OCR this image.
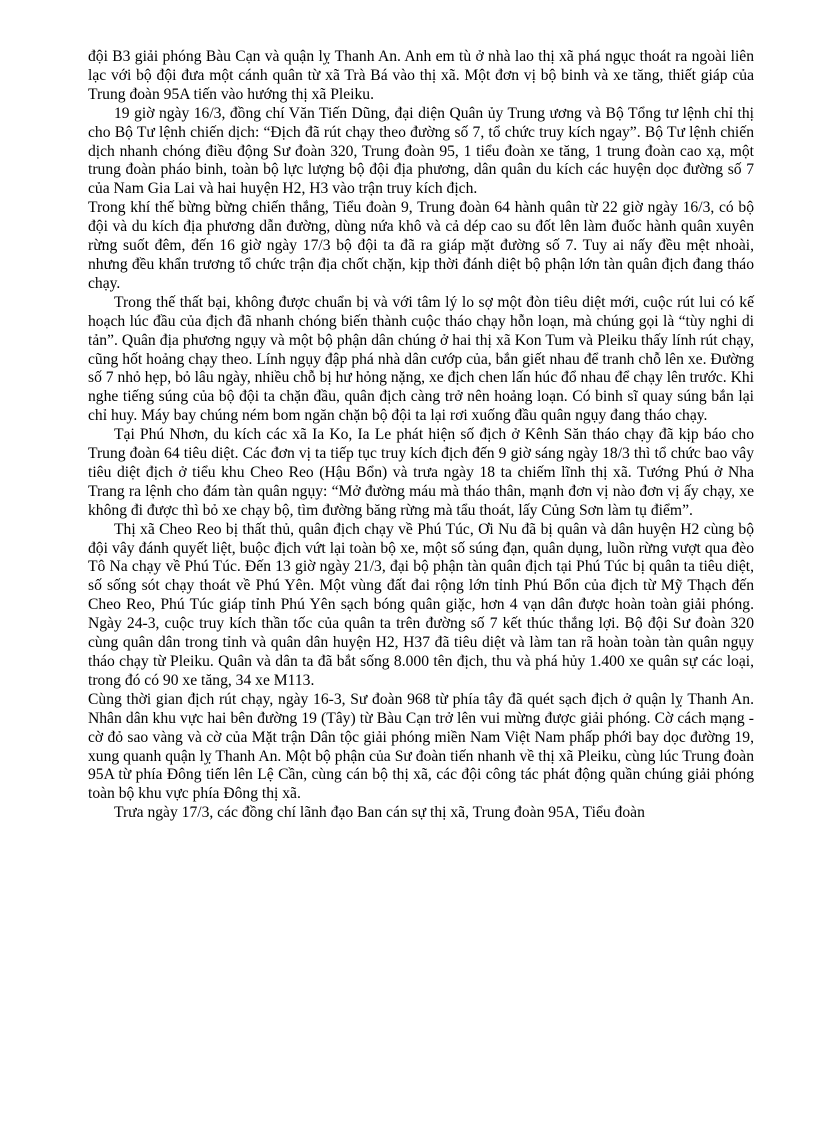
đội B3 giải phóng Bàu Cạn và quận lỵ Thanh An. Anh em tù ở nhà lao thị xã phá ngục thoát ra ngoài liên lạc với bộ đội đưa một cánh quân từ xã Trà Bá vào thị xã. Một đơn vị bộ binh và xe tăng, thiết giáp của Trung đoàn 95A tiến vào hướng thị xã Pleiku.

19 giờ ngày 16/3, đồng chí Văn Tiến Dũng, đại diện Quân ủy Trung ương và Bộ Tổng tư lệnh chỉ thị cho Bộ Tư lệnh chiến dịch: “Địch đã rút chạy theo đường số 7, tổ chức truy kích ngay”. Bộ Tư lệnh chiến dịch nhanh chóng điều động Sư đoàn 320, Trung đoàn 95, 1 tiểu đoàn xe tăng, 1 trung đoàn cao xạ, một trung đoàn pháo binh, toàn bộ lực lượng bộ đội địa phương, dân quân du kích các huyện dọc đường số 7 của Nam Gia Lai và hai huyện H2, H3 vào trận truy kích địch.

Trong khí thế bừng bừng chiến thắng, Tiểu đoàn 9, Trung đoàn 64 hành quân từ 22 giờ ngày 16/3, có bộ đội và du kích địa phương dẫn đường, dùng nứa khô và cả dép cao su đốt lên làm đuốc hành quân xuyên rừng suốt đêm, đến 16 giờ ngày 17/3 bộ đội ta đã ra giáp mặt đường số 7. Tuy ai nấy đều mệt nhoài, nhưng đều khẩn trương tổ chức trận địa chốt chặn, kịp thời đánh diệt bộ phận lớn tàn quân địch đang tháo chạy.

Trong thế thất bại, không được chuẩn bị và với tâm lý lo sợ một đòn tiêu diệt mới, cuộc rút lui có kế hoạch lúc đầu của địch đã nhanh chóng biến thành cuộc tháo chạy hỗn loạn, mà chúng gọi là “tùy nghi di tản”. Quân địa phương ngụy và một bộ phận dân chúng ở hai thị xã Kon Tum và Pleiku thấy lính rút chạy, cũng hốt hoảng chạy theo. Lính ngụy đập phá nhà dân cướp của, bắn giết nhau để tranh chỗ lên xe. Đường số 7 nhỏ hẹp, bỏ lâu ngày, nhiều chỗ bị hư hỏng nặng, xe địch chen lấn húc đổ nhau để chạy lên trước. Khi nghe tiếng súng của bộ đội ta chặn đầu, quân địch càng trở nên hoảng loạn. Có binh sĩ quay súng bắn lại chỉ huy. Máy bay chúng ném bom ngăn chặn bộ đội ta lại rơi xuống đầu quân ngụy đang tháo chạy.

Tại Phú Nhơn, du kích các xã Ia Ko, Ia Le phát hiện số địch ở Kênh Săn tháo chạy đã kịp báo cho Trung đoàn 64 tiêu diệt. Các đơn vị ta tiếp tục truy kích địch đến 9 giờ sáng ngày 18/3 thì tổ chức bao vây tiêu diệt địch ở tiểu khu Cheo Reo (Hậu Bổn) và trưa ngày 18 ta chiếm lĩnh thị xã. Tướng Phú ở Nha Trang ra lệnh cho đám tàn quân ngụy: “Mở đường máu mà tháo thân, mạnh đơn vị nào đơn vị ấy chạy, xe không đi được thì bỏ xe chạy bộ, tìm đường băng rừng mà tẩu thoát, lấy Củng Sơn làm tụ điểm”.

Thị xã Cheo Reo bị thất thủ, quân địch chạy về Phú Túc, Ơi Nu đã bị quân và dân huyện H2 cùng bộ đội vây đánh quyết liệt, buộc địch vứt lại toàn bộ xe, một số súng đạn, quân dụng, luồn rừng vượt qua đèo Tô Na chạy về Phú Túc. Đến 13 giờ ngày 21/3, đại bộ phận tàn quân địch tại Phú Túc bị quân ta tiêu diệt, số sống sót chạy thoát về Phú Yên. Một vùng đất đai rộng lớn tỉnh Phú Bổn của địch từ Mỹ Thạch đến Cheo Reo, Phú Túc giáp tỉnh Phú Yên sạch bóng quân giặc, hơn 4 vạn dân được hoàn toàn giải phóng. Ngày 24-3, cuộc truy kích thần tốc của quân ta trên đường số 7 kết thúc thắng lợi. Bộ đội Sư đoàn 320 cùng quân dân trong tỉnh và quân dân huyện H2, H37 đã tiêu diệt và làm tan rã hoàn toàn tàn quân ngụy tháo chạy từ Pleiku. Quân và dân ta đã bắt sống 8.000 tên địch, thu và phá hủy 1.400 xe quân sự các loại, trong đó có 90 xe tăng, 34 xe M113.

Cùng thời gian địch rút chạy, ngày 16-3, Sư đoàn 968 từ phía tây đã quét sạch địch ở quận lỵ Thanh An. Nhân dân khu vực hai bên đường 19 (Tây) từ Bàu Cạn trở lên vui mừng được giải phóng. Cờ cách mạng - cờ đỏ sao vàng và cờ của Mặt trận Dân tộc giải phóng miền Nam Việt Nam phấp phới bay dọc đường 19, xung quanh quận lỵ Thanh An. Một bộ phận của Sư đoàn tiến nhanh về thị xã Pleiku, cùng lúc Trung đoàn 95A từ phía Đông tiến lên Lệ Cần, cùng cán bộ thị xã, các đội công tác phát động quần chúng giải phóng toàn bộ khu vực phía Đông thị xã.

Trưa ngày 17/3, các đồng chí lãnh đạo Ban cán sự thị xã, Trung đoàn 95A, Tiểu đoàn
